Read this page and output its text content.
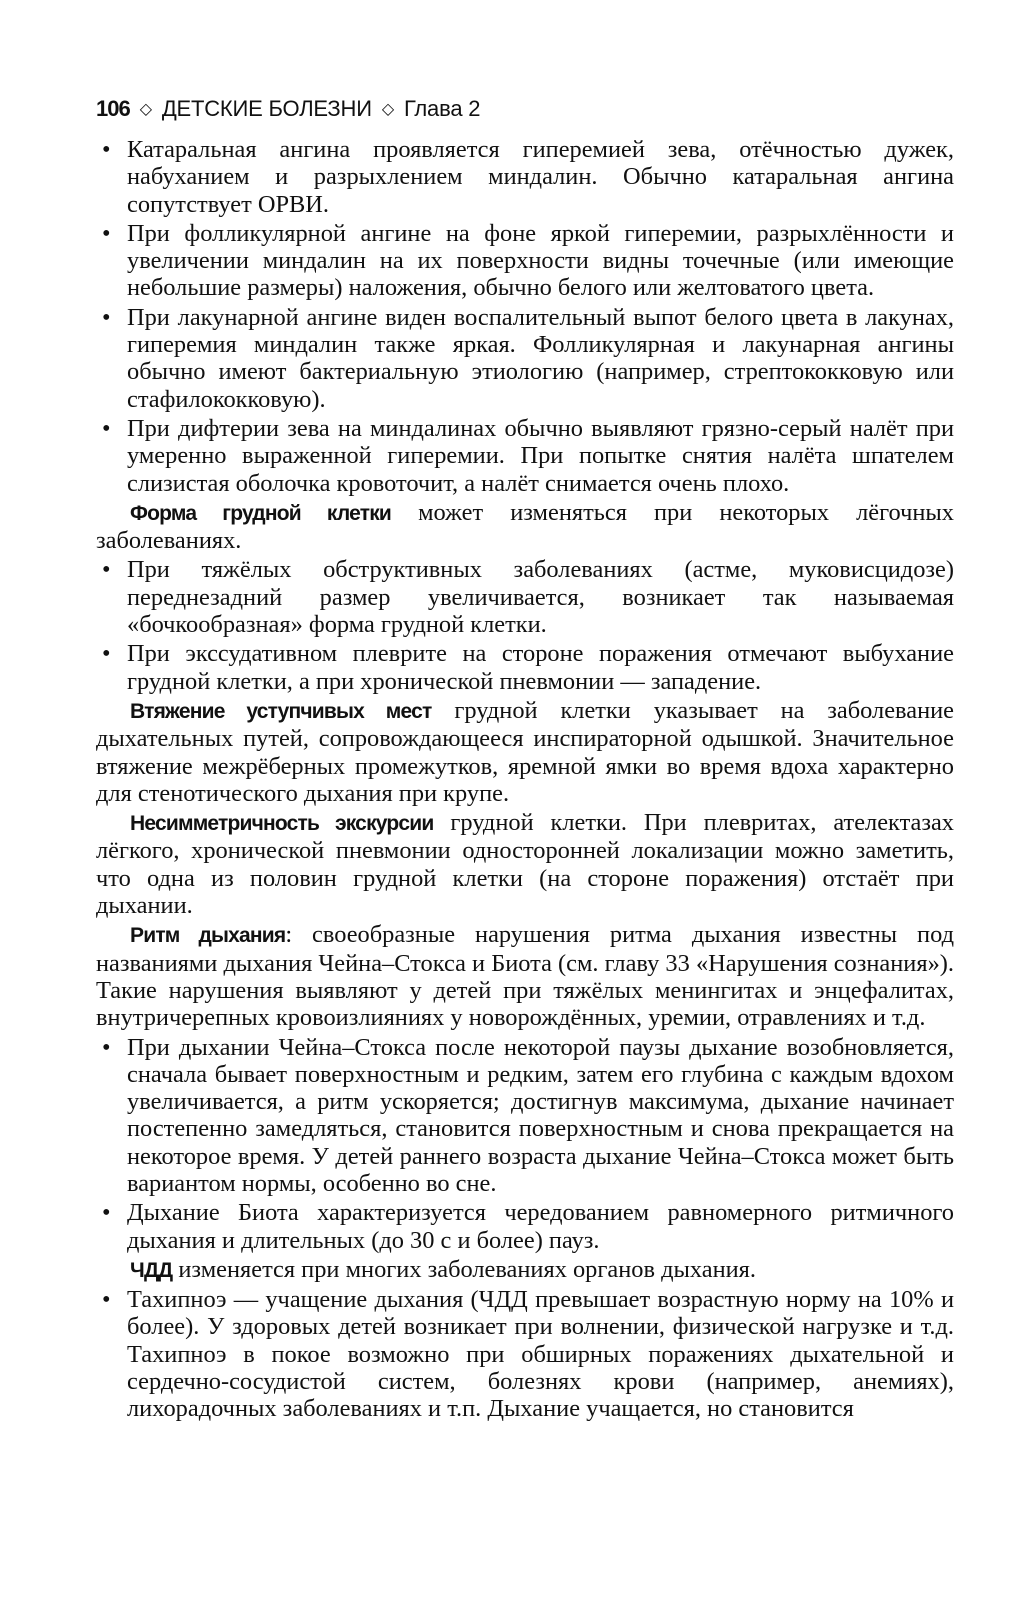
106 ◇ ДЕТСКИЕ БОЛЕЗНИ ◇ Глава 2
• Катаральная ангина проявляется гиперемией зева, отёчностью дужек, набуханием и разрыхлением миндалин. Обычно катаральная ангина сопутствует ОРВИ.
• При фолликулярной ангине на фоне яркой гиперемии, разрыхлённости и увеличении миндалин на их поверхности видны точечные (или имеющие небольшие размеры) наложения, обычно белого или желтоватого цвета.
• При лакунарной ангине виден воспалительный выпот белого цвета в лакунах, гиперемия миндалин также яркая. Фолликулярная и лакунарная ангины обычно имеют бактериальную этиологию (например, стрептококковую или стафилококковую).
• При дифтерии зева на миндалинах обычно выявляют грязно-серый налёт при умеренно выраженной гиперемии. При попытке снятия налёта шпателем слизистая оболочка кровоточит, а налёт снимается очень плохо.

Форма грудной клетки может изменяться при некоторых лёгочных заболеваниях.

• При тяжёлых обструктивных заболеваниях (астме, муковисцидозе) переднезадний размер увеличивается, возникает так называемая «бочкообразная» форма грудной клетки.
• При экссудативном плеврите на стороне поражения отмечают выбухание грудной клетки, а при хронической пневмонии — западение.

Втяжение уступчивых мест грудной клетки указывает на заболевание дыхательных путей, сопровождающееся инспираторной одышкой. Значительное втяжение межрёберных промежутков, яремной ямки во время вдоха характерно для стенотического дыхания при крупе.

Несимметричность экскурсии грудной клетки. При плевритах, ателектазах лёгкого, хронической пневмонии односторонней локализации можно заметить, что одна из половин грудной клетки (на стороне поражения) отстаёт при дыхании.

Ритм дыхания: своеобразные нарушения ритма дыхания известны под названиями дыхания Чейна–Стокса и Биота (см. главу 33 «Нарушения сознания»). Такие нарушения выявляют у детей при тяжёлых менингитах и энцефалитах, внутричерепных кровоизлияниях у новорождённых, уремии, отравлениях и т.д.

• При дыхании Чейна–Стокса после некоторой паузы дыхание возобновляется, сначала бывает поверхностным и редким, затем его глубина с каждым вдохом увеличивается, а ритм ускоряется; достигнув максимума, дыхание начинает постепенно замедляться, становится поверхностным и снова прекращается на некоторое время. У детей раннего возраста дыхание Чейна–Стокса может быть вариантом нормы, особенно во сне.
• Дыхание Биота характеризуется чередованием равномерного ритмичного дыхания и длительных (до 30 с и более) пауз.

ЧДД изменяется при многих заболеваниях органов дыхания.

• Тахипноэ — учащение дыхания (ЧДД превышает возрастную норму на 10% и более). У здоровых детей возникает при волнении, физической нагрузке и т.д. Тахипноэ в покое возможно при обширных поражениях дыхательной и сердечно-сосудистой систем, болезнях крови (например, анемиях), лихорадочных заболеваниях и т.п. Дыхание учащается, но становится
